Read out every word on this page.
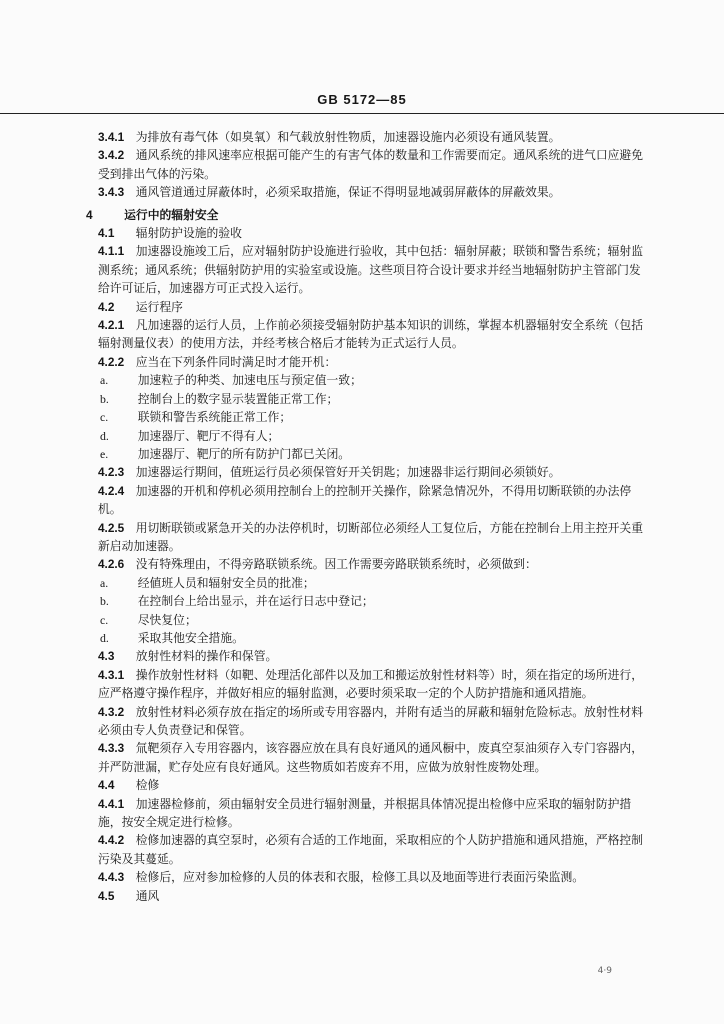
GB 5172—85
3.4.1 为排放有毒气体（如臭氧）和气载放射性物质，加速器设施内必须设有通风装置。
3.4.2 通风系统的排风速率应根据可能产生的有害气体的数量和工作需要而定。通风系统的进气口应避免受到排出气体的污染。
3.4.3 通风管道通过屏蔽体时，必须采取措施，保证不得明显地减弱屏蔽体的屏蔽效果。
4 运行中的辐射安全
4.1 辐射防护设施的验收
4.1.1 加速器设施竣工后，应对辐射防护设施进行验收，其中包括：辐射屏蔽；联锁和警告系统；辐射监测系统；通风系统；供辐射防护用的实验室或设施。这些项目符合设计要求并经当地辐射防护主管部门发给许可证后，加速器方可正式投入运行。
4.2 运行程序
4.2.1 凡加速器的运行人员，上作前必须接受辐射防护基本知识的训练，掌握本机器辐射安全系统（包括辐射测量仪表）的使用方法，并经考核合格后才能转为正式运行人员。
4.2.2 应当在下列条件同时满足时才能开机：
a. 加速粒子的种类、加速电压与预定值一致；
b. 控制台上的数字显示装置能正常工作；
c. 联锁和警告系统能正常工作；
d. 加速器厅、靶厅不得有人；
e. 加速器厅、靶厅的所有防护门都已关闭。
4.2.3 加速器运行期间，值班运行员必须保管好开关钥匙；加速器非运行期间必须锁好。
4.2.4 加速器的开机和停机必须用控制台上的控制开关操作，除紧急情况外，不得用切断联锁的办法停机。
4.2.5 用切断联锁或紧急开关的办法停机时，切断部位必须经人工复位后，方能在控制台上用主控开关重新启动加速器。
4.2.6 没有特殊理由，不得旁路联锁系统。因工作需要旁路联锁系统时，必须做到：
a. 经値班人员和辐射安全员的批准；
b. 在控制台上给出显示，并在运行日志中登记；
c. 尽快复位；
d. 采取其他安全措施。
4.3 放射性材料的操作和保管。
4.3.1 操作放射性材料（如靶、处理活化部件以及加工和搬运放射性材料等）时，须在指定的场所进行，应严格遵守操作程序，并做好相应的辐射监测，必要时须采取一定的个人防护措施和通风措施。
4.3.2 放射性材料必须存放在指定的场所或专用容器内，并附有适当的屏蔽和辐射危险标志。放射性材料必须由专人负责登记和保管。
4.3.3 氚靶须存入专用容器内，该容器应放在具有良好通风的通风橱中，废真空泵油须存入专门容器内，并严防泄漏，贮存处应有良好通风。这些物质如若废弃不用，应做为放射性废物处理。
4.4 检修
4.4.1 加速器检修前，须由辐射安全员进行辐射测量，并根据具体情况提出检修中应采取的辐射防护措施，按安全规定进行检修。
4.4.2 检修加速器的真空泵时，必须有合适的工作地面，采取相应的个人防护措施和通风措施，严格控制污染及其蔓延。
4.4.3 检修后，应对参加检修的人员的体表和衣服，检修工具以及地面等进行表面污染监测。
4.5 通风
4·9
